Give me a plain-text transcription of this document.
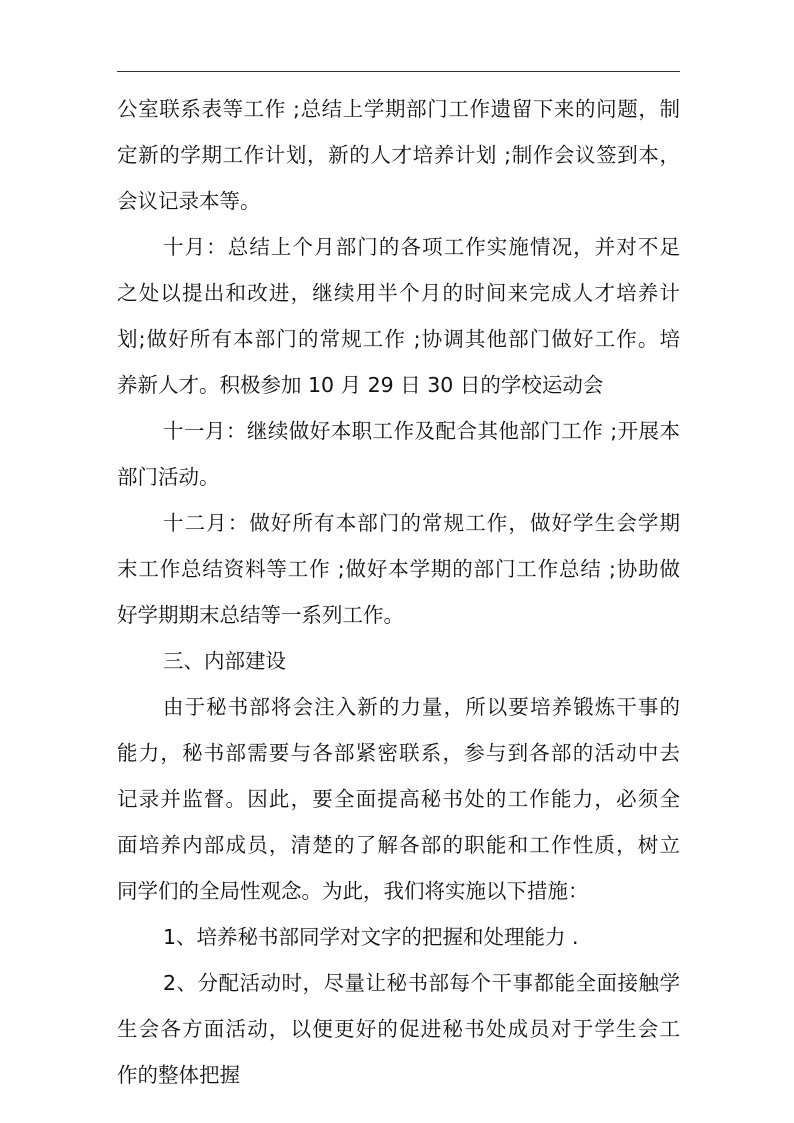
公室联系表等工作 ;总结上学期部门工作遗留下来的问题，制
定新的学期工作计划，新的人才培养计划 ;制作会议签到本，
会议记录本等。
十月：总结上个月部门的各项工作实施情况，并对不足
之处以提出和改进，继续用半个月的时间来完成人才培养计
划;做好所有本部门的常规工作 ;协调其他部门做好工作。培
养新人才。积极参加 10 月 29 日 30 日的学校运动会
十一月：继续做好本职工作及配合其他部门工作 ;开展本
部门活动。
十二月：做好所有本部门的常规工作，做好学生会学期
末工作总结资料等工作 ;做好本学期的部门工作总结 ;协助做
好学期期末总结等一系列工作。
三、内部建设
由于秘书部将会注入新的力量，所以要培养锻炼干事的
能力，秘书部需要与各部紧密联系，参与到各部的活动中去
记录并监督。因此，要全面提高秘书处的工作能力，必须全
面培养内部成员，清楚的了解各部的职能和工作性质，树立
同学们的全局性观念。为此，我们将实施以下措施：
1、培养秘书部同学对文字的把握和处理能力 .
2、分配活动时，尽量让秘书部每个干事都能全面接触学
生会各方面活动，以便更好的促进秘书处成员对于学生会工
作的整体把握
